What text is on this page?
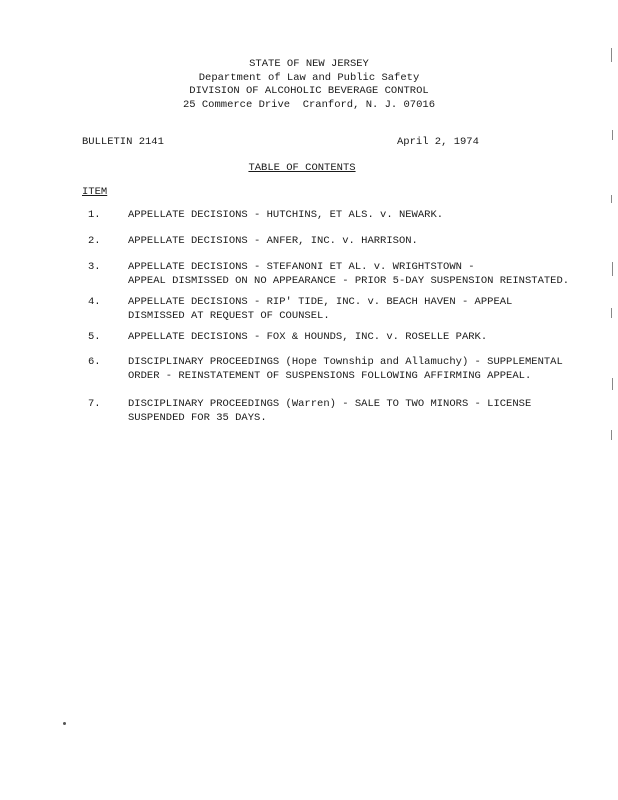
STATE OF NEW JERSEY
Department of Law and Public Safety
DIVISION OF ALCOHOLIC BEVERAGE CONTROL
25 Commerce Drive  Cranford, N. J. 07016
BULLETIN 2141	April 2, 1974
TABLE OF CONTENTS
ITEM
1.	APPELLATE DECISIONS - HUTCHINS, ET ALS. v. NEWARK.
2.	APPELLATE DECISIONS - ANFER, INC. v. HARRISON.
3.	APPELLATE DECISIONS - STEFANONI ET AL. v. WRIGHTSTOWN -
APPEAL DISMISSED ON NO APPEARANCE - PRIOR 5-DAY SUSPENSION REINSTATED.
4.	APPELLATE DECISIONS - RIP' TIDE, INC. v. BEACH HAVEN - APPEAL
DISMISSED AT REQUEST OF COUNSEL.
5.	APPELLATE DECISIONS - FOX & HOUNDS, INC. v. ROSELLE PARK.
6.	DISCIPLINARY PROCEEDINGS (Hope Township and Allamuchy) - SUPPLEMENTAL
ORDER - REINSTATEMENT OF SUSPENSIONS FOLLOWING AFFIRMING APPEAL.
7.	DISCIPLINARY PROCEEDINGS (Warren) - SALE TO TWO MINORS - LICENSE
SUSPENDED FOR 35 DAYS.
